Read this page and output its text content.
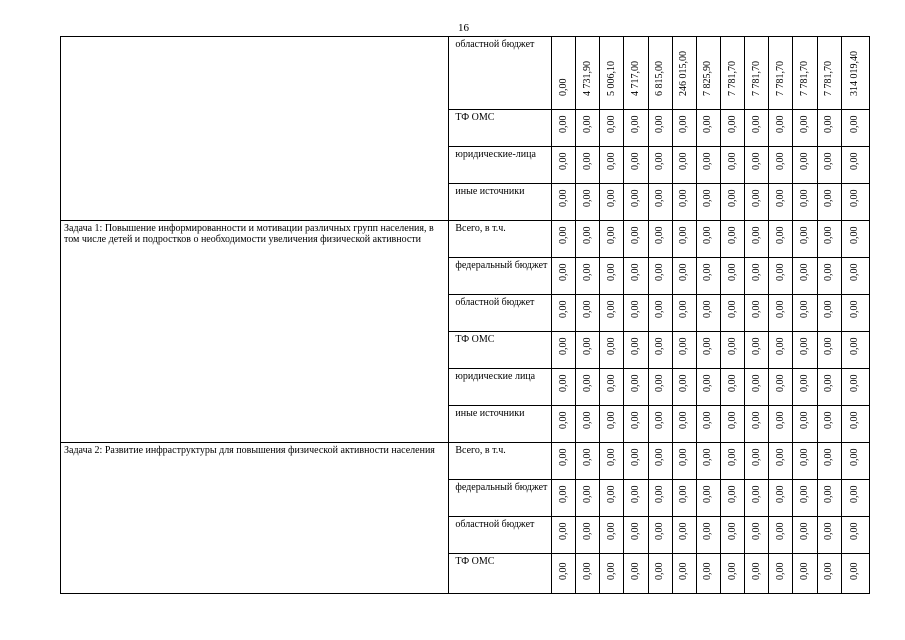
16
	областной бюджет	0,00	4 731,90	5 006,10	4 717,00	6 815,00	246 015,00	7 825,90	7 781,70	7 781,70	7 781,70	7 781,70	7 781,70	314 019,40

	ТФ ОМС	0,00	0,00	0,00	0,00	0,00	0,00	0,00	0,00	0,00	0,00	0,00	0,00	0,00

	юридические-лица	0,00	0,00	0,00	0,00	0,00	0,00	0,00	0,00	0,00	0,00	0,00	0,00	0,00

	иные источники	0,00	0,00	0,00	0,00	0,00	0,00	0,00	0,00	0,00	0,00	0,00	0,00	0,00

Задача 1: Повышение информированности и мотивации различных групп населения, в том числе детей и подростков о необходимости увеличения физической активности	Всего, в т.ч.	0,00	0,00	0,00	0,00	0,00	0,00	0,00	0,00	0,00	0,00	0,00	0,00	0,00

	федеральный бюджет	0,00	0,00	0,00	0,00	0,00	0,00	0,00	0,00	0,00	0,00	0,00	0,00	0,00

	областной бюджет	0,00	0,00	0,00	0,00	0,00	0,00	0,00	0,00	0,00	0,00	0,00	0,00	0,00

	ТФ ОМС	0,00	0,00	0,00	0,00	0,00	0,00	0,00	0,00	0,00	0,00	0,00	0,00	0,00

	юридические лица	0,00	0,00	0,00	0,00	0,00	0,00	0,00	0,00	0,00	0,00	0,00	0,00	0,00

	иные источники	0,00	0,00	0,00	0,00	0,00	0,00	0,00	0,00	0,00	0,00	0,00	0,00	0,00

Задача 2: Развитие инфраструктуры для повышения физической активности населения	Всего, в т.ч.	0,00	0,00	0,00	0,00	0,00	0,00	0,00	0,00	0,00	0,00	0,00	0,00	0,00

	федеральный бюджет	0,00	0,00	0,00	0,00	0,00	0,00	0,00	0,00	0,00	0,00	0,00	0,00	0,00

	областной бюджет	0,00	0,00	0,00	0,00	0,00	0,00	0,00	0,00	0,00	0,00	0,00	0,00	0,00

	ТФ ОМС	0,00	0,00	0,00	0,00	0,00	0,00	0,00	0,00	0,00	0,00	0,00	0,00	0,00
